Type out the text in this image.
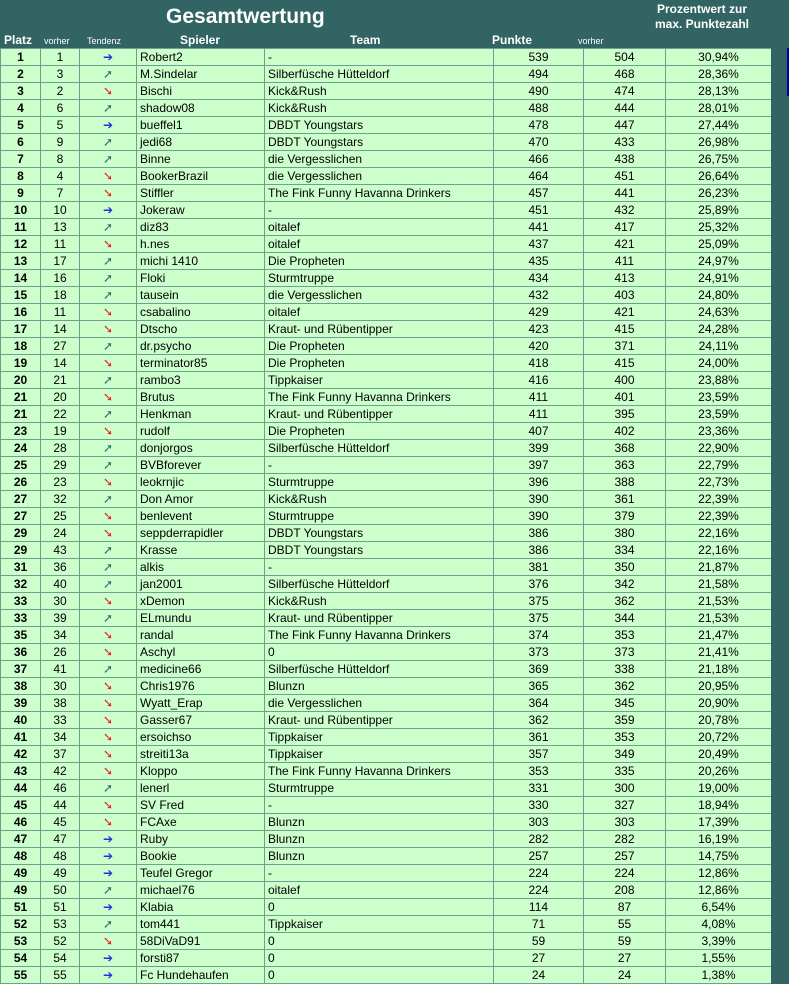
Gesamtwertung	Prozentwert zur
max. Punktezahl
Platz vorher Tendenz	Spieler	Team	Punkte	vorher
1	1	➔	Robert2	-	539	504	30,94%
2	3	➚	M.Sindelar	Silberfüsche Hütteldorf	494	468	28,36%
3	2	➘	Bischi	Kick&Rush	490	474	28,13%
4	6	➚	shadow08	Kick&Rush	488	444	28,01%
5	5	➔	bueffel1	DBDT Youngstars	478	447	27,44%
6	9	➚	jedi68	DBDT Youngstars	470	433	26,98%
7	8	➚	Binne	die Vergesslichen	466	438	26,75%
8	4	➘	BookerBrazil	die Vergesslichen	464	451	26,64%
9	7	➘	Stiffler	The Fink Funny Havanna Drinkers	457	441	26,23%
10	10	➔	Jokeraw	-	451	432	25,89%
11	13	➚	diz83	oitalef	441	417	25,32%
12	11	➘	h.nes	oitalef	437	421	25,09%
13	17	➚	michi 1410	Die Propheten	435	411	24,97%
14	16	➚	Floki	Sturmtruppe	434	413	24,91%
15	18	➚	tausein	die Vergesslichen	432	403	24,80%
16	11	➘	csabalino	oitalef	429	421	24,63%
17	14	➘	Dtscho	Kraut- und Rübentipper	423	415	24,28%
18	27	➚	dr.psycho	Die Propheten	420	371	24,11%
19	14	➘	terminator85	Die Propheten	418	415	24,00%
20	21	➚	rambo3	Tippkaiser	416	400	23,88%
21	20	➘	Brutus	The Fink Funny Havanna Drinkers	411	401	23,59%
21	22	➚	Henkman	Kraut- und Rübentipper	411	395	23,59%
23	19	➘	rudolf	Die Propheten	407	402	23,36%
24	28	➚	donjorgos	Silberfüsche Hütteldorf	399	368	22,90%
25	29	➚	BVBforever	-	397	363	22,79%
26	23	➘	leokrnjic	Sturmtruppe	396	388	22,73%
27	32	➚	Don Amor	Kick&Rush	390	361	22,39%
27	25	➘	benlevent	Sturmtruppe	390	379	22,39%
29	24	➘	seppderrapidler	DBDT Youngstars	386	380	22,16%
29	43	➚	Krasse	DBDT Youngstars	386	334	22,16%
31	36	➚	alkis	-	381	350	21,87%
32	40	➚	jan2001	Silberfüsche Hütteldorf	376	342	21,58%
33	30	➘	xDemon	Kick&Rush	375	362	21,53%
33	39	➚	ELmundu	Kraut- und Rübentipper	375	344	21,53%
35	34	➘	randal	The Fink Funny Havanna Drinkers	374	353	21,47%
36	26	➘	Aschyl	0	373	373	21,41%
37	41	➚	medicine66	Silberfüsche Hütteldorf	369	338	21,18%
38	30	➘	Chris1976	Blunzn	365	362	20,95%
39	38	➘	Wyatt_Erap	die Vergesslichen	364	345	20,90%
40	33	➘	Gasser67	Kraut- und Rübentipper	362	359	20,78%
41	34	➘	ersoichso	Tippkaiser	361	353	20,72%
42	37	➘	streiti13a	Tippkaiser	357	349	20,49%
43	42	➘	Kloppo	The Fink Funny Havanna Drinkers	353	335	20,26%
44	46	➚	lenerl	Sturmtruppe	331	300	19,00%
45	44	➘	SV Fred	-	330	327	18,94%
46	45	➘	FCAxe	Blunzn	303	303	17,39%
47	47	➔	Ruby	Blunzn	282	282	16,19%
48	48	➔	Bookie	Blunzn	257	257	14,75%
49	49	➔	Teufel Gregor	-	224	224	12,86%
49	50	➚	michael76	oitalef	224	208	12,86%
51	51	➔	Klabia	0	114	87	6,54%
52	53	➚	tom441	Tippkaiser	71	55	4,08%
53	52	➘	58DiVaD91	0	59	59	3,39%
54	54	➔	forsti87	0	27	27	1,55%
55	55	➔	Fc Hundehaufen	0	24	24	1,38%
